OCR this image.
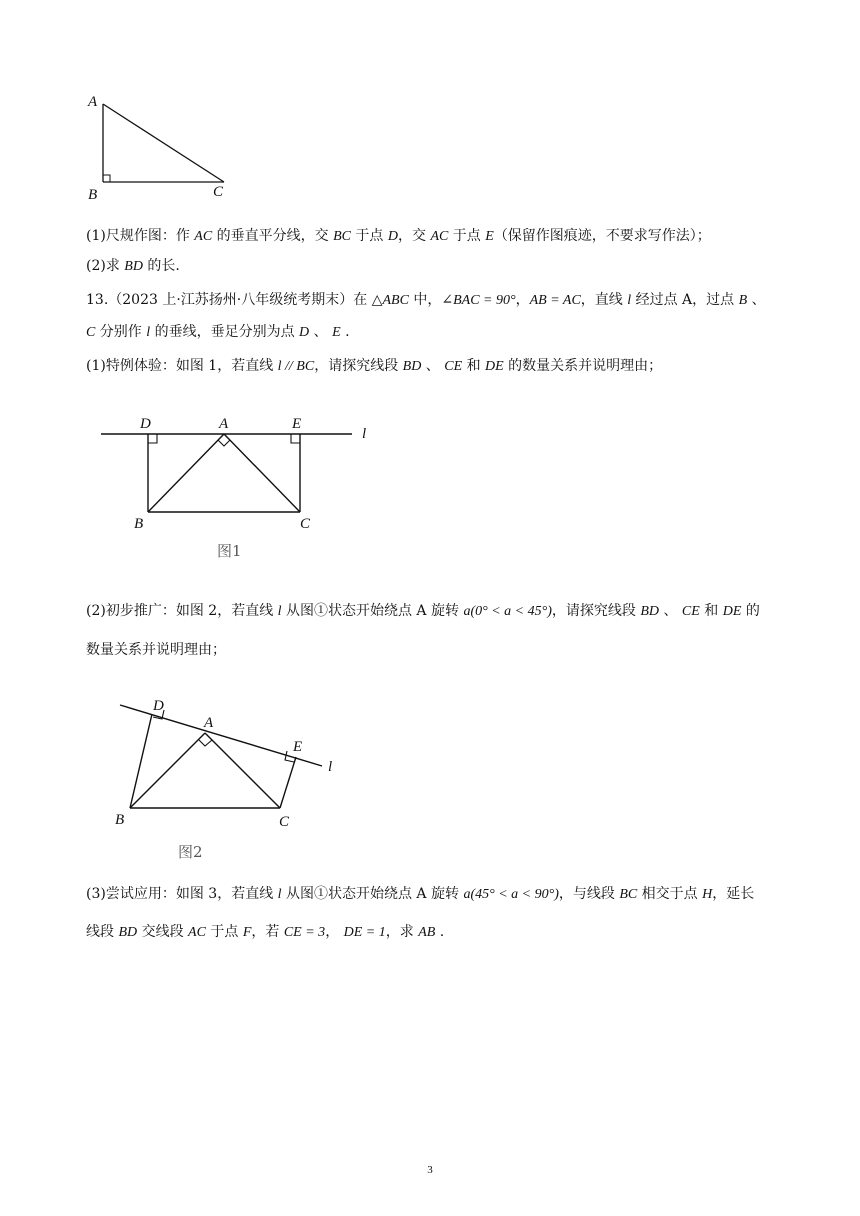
A
B	C
(1)尺规作图：作 AC 的垂直平分线，交 BC 于点 D，交 AC 于点 E（保留作图痕迹，不要求写作法）；
(2)求 BD 的长.
13.（2023 上·江苏扬州·八年级统考期末）在 △ABC 中，∠BAC = 90°，AB = AC，直线 l 经过点 A，过点 B 、
C 分别作 l 的垂线，垂足分别为点 D 、 E .
(1)特例体验：如图 1，若直线 l // BC，请探究线段 BD 、 CE 和 DE 的数量关系并说明理由；
D	A	E
l
B	C
图1
(2)初步推广：如图 2，若直线 l 从图①状态开始绕点 A 旋转 a(0° < a < 45°)，请探究线段 BD 、 CE 和 DE 的
数量关系并说明理由；
D
A
E
l
B	C
图2
(3)尝试应用：如图 3，若直线 l 从图①状态开始绕点 A 旋转 a(45° < a < 90°)，与线段 BC 相交于点 H，延长
线段 BD 交线段 AC 于点 F，若 CE = 3， DE = 1，求 AB .
3
